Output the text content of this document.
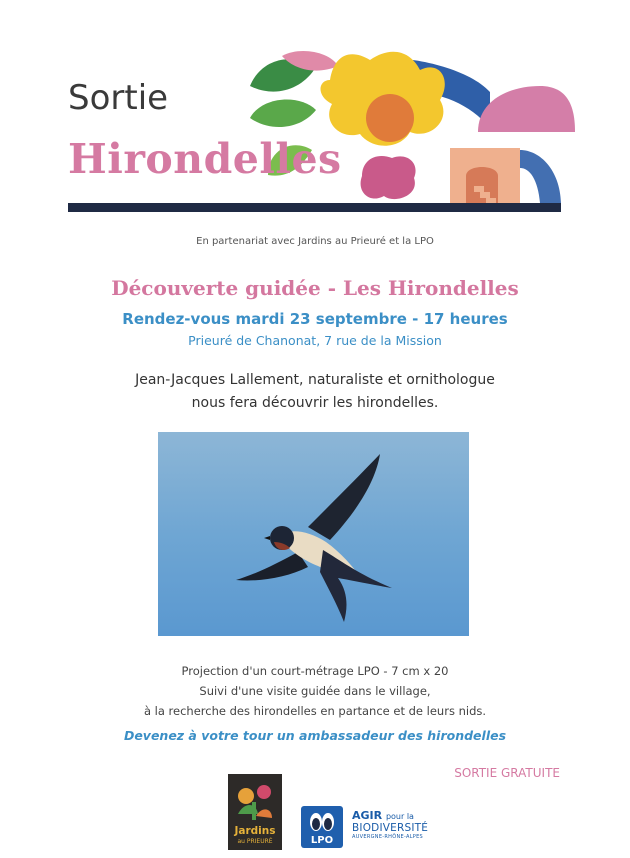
Sortie
Hirondelles
En partenariat avec Jardins au Prieuré et la LPO
Découverte guidée - Les Hirondelles
Rendez-vous mardi 23 septembre - 17 heures
Prieuré de Chanonat, 7 rue de la Mission
Jean-Jacques Lallement, naturaliste et ornithologue
nous fera découvrir les hirondelles.
Projection d'un court-métrage LPO - 7 cm x 20
Suivi d'une visite guidée dans le village,
à la recherche des hirondelles en partance et de leurs nids.
Devenez à votre tour un ambassadeur des hirondelles
SORTIE GRATUITE
Jardins
au PRIEURÉ	LPO
AGIR pour la
BIODIVERSITÉ
AUVERGNE-RHÔNE-ALPES
